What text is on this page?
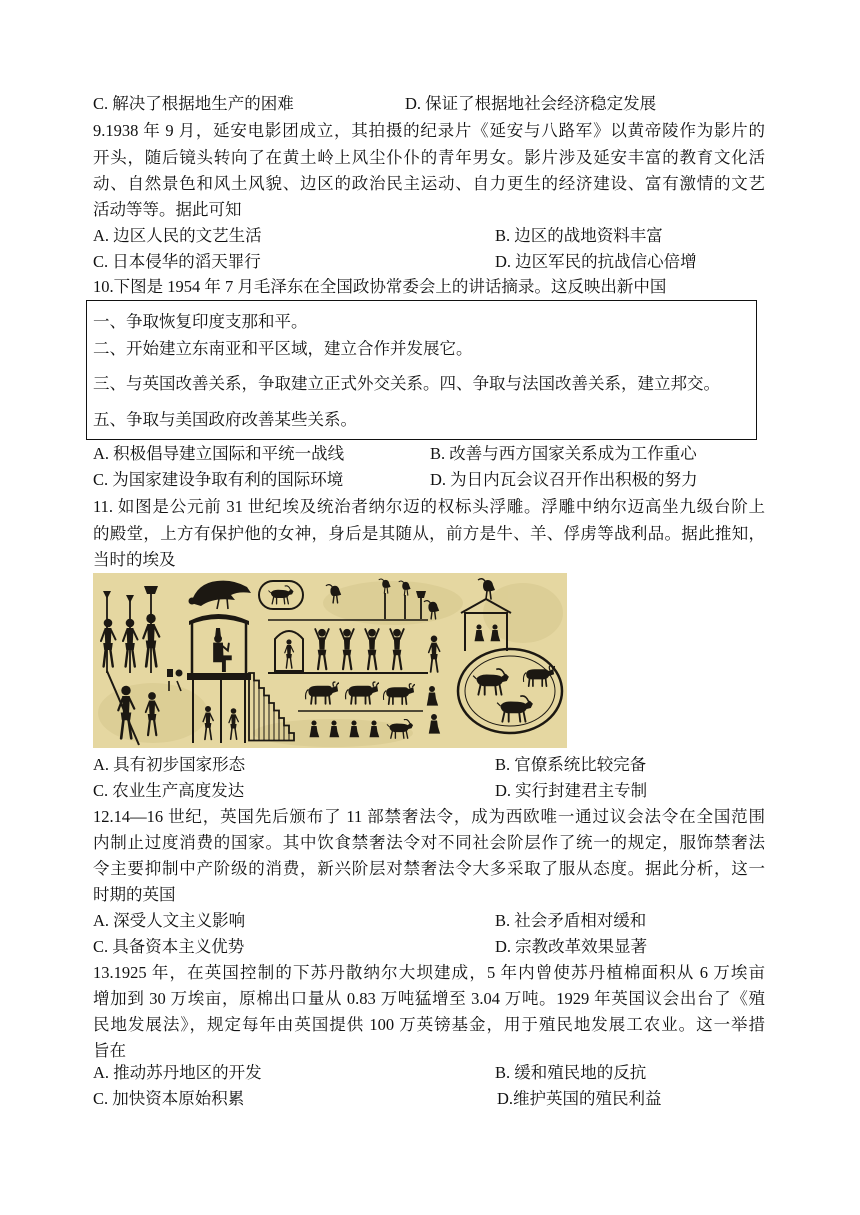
C. 解决了根据地生产的困难	D. 保证了根据地社会经济稳定发展
9.1938 年 9 月，延安电影团成立，其拍摄的纪录片《延安与八路军》以黄帝陵作为影片的
开头，随后镜头转向了在黄土岭上风尘仆仆的青年男女。影片涉及延安丰富的教育文化活
动、自然景色和风土风貌、边区的政治民主运动、自力更生的经济建设、富有激情的文艺
活动等等。据此可知
A. 边区人民的文艺生活	B. 边区的战地资料丰富
C. 日本侵华的滔天罪行	D. 边区军民的抗战信心倍增
10.下图是 1954 年 7 月毛泽东在全国政协常委会上的讲话摘录。这反映出新中国
一、争取恢复印度支那和平。
二、开始建立东南亚和平区域，建立合作并发展它。
三、与英国改善关系，争取建立正式外交关系。四、争取与法国改善关系，建立邦交。
五、争取与美国政府改善某些关系。
A. 积极倡导建立国际和平统一战线	B. 改善与西方国家关系成为工作重心
C. 为国家建设争取有利的国际环境	D. 为日内瓦会议召开作出积极的努力
11. 如图是公元前 31 世纪埃及统治者纳尔迈的权标头浮雕。浮雕中纳尔迈高坐九级台阶上
的殿堂，上方有保护他的女神，身后是其随从，前方是牛、羊、俘虏等战利品。据此推知，
当时的埃及
A. 具有初步国家形态	B. 官僚系统比较完备
C. 农业生产高度发达	D. 实行封建君主专制
12.14—16 世纪，英国先后颁布了 11 部禁奢法令，成为西欧唯一通过议会法令在全国范围
内制止过度消费的国家。其中饮食禁奢法令对不同社会阶层作了统一的规定，服饰禁奢法
令主要抑制中产阶级的消费，新兴阶层对禁奢法令大多采取了服从态度。据此分析，这一
时期的英国
A. 深受人文主义影响	B. 社会矛盾相对缓和
C. 具备资本主义优势	D. 宗教改革效果显著
13.1925 年，在英国控制的下苏丹散纳尔大坝建成，5 年内曾使苏丹植棉面积从 6 万埃亩
增加到 30 万埃亩，原棉出口量从 0.83 万吨猛增至 3.04 万吨。1929 年英国议会出台了《殖
民地发展法》，规定每年由英国提供 100 万英镑基金，用于殖民地发展工农业。这一举措
旨在
A. 推动苏丹地区的开发	B. 缓和殖民地的反抗
C. 加快资本原始积累	D.维护英国的殖民利益
